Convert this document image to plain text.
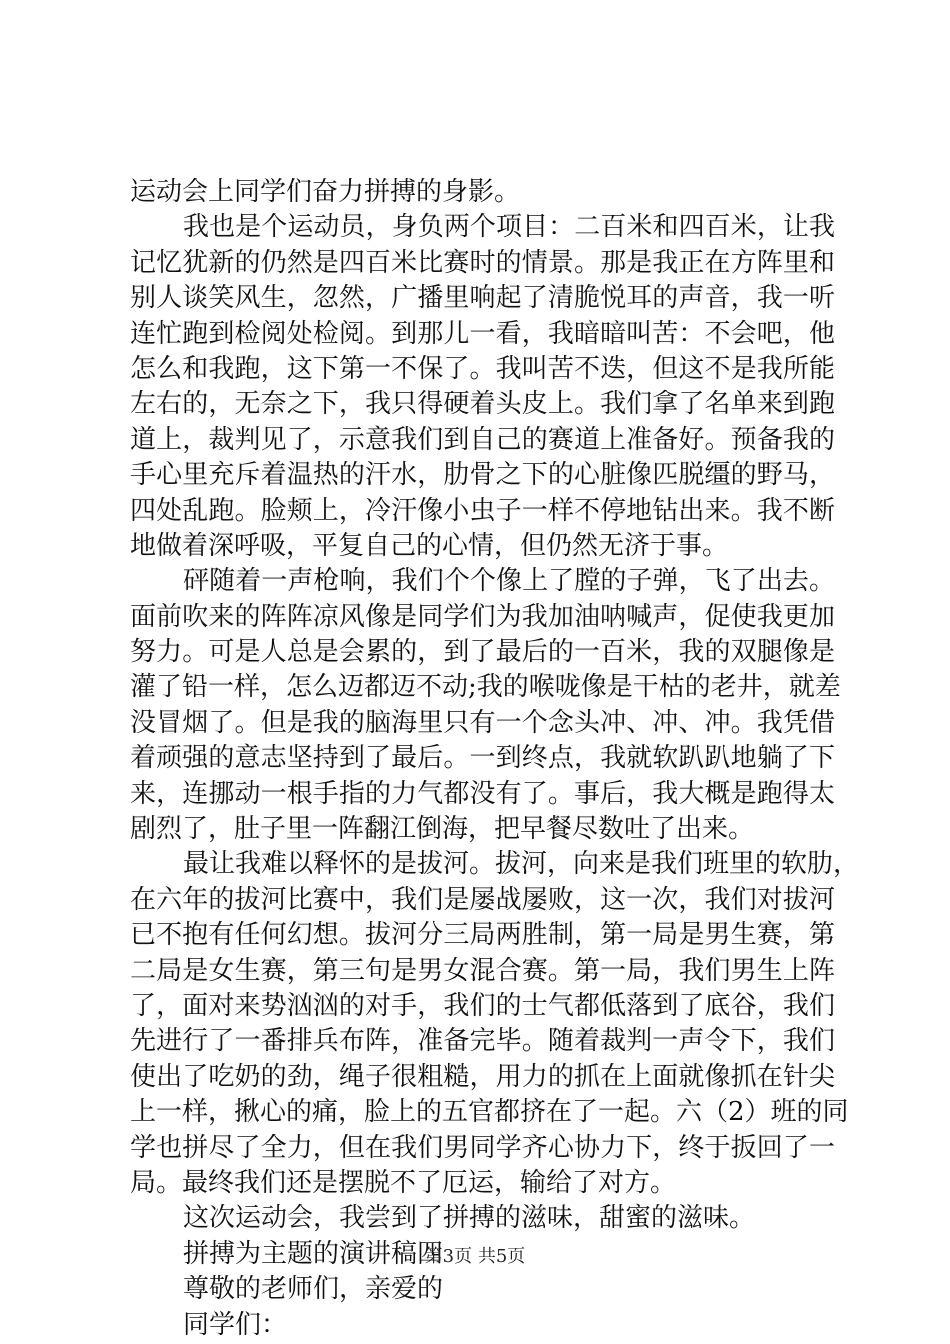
运动会上同学们奋力拼搏的身影。
我也是个运动员，身负两个项目：二百米和四百米，让我
记忆犹新的仍然是四百米比赛时的情景。那是我正在方阵里和
别人谈笑风生，忽然，广播里响起了清脆悦耳的声音，我一听
连忙跑到检阅处检阅。到那儿一看，我暗暗叫苦：不会吧，他
怎么和我跑，这下第一不保了。我叫苦不迭，但这不是我所能
左右的，无奈之下，我只得硬着头皮上。我们拿了名单来到跑
道上，裁判见了，示意我们到自己的赛道上准备好。预备我的
手心里充斥着温热的汗水，肋骨之下的心脏像匹脱缰的野马，
四处乱跑。脸颊上，冷汗像小虫子一样不停地钻出来。我不断
地做着深呼吸，平复自己的心情，但仍然无济于事。
砰随着一声枪响，我们个个像上了膛的子弹，飞了出去。
面前吹来的阵阵凉风像是同学们为我加油呐喊声，促使我更加
努力。可是人总是会累的，到了最后的一百米，我的双腿像是
灌了铅一样，怎么迈都迈不动;我的喉咙像是干枯的老井，就差
没冒烟了。但是我的脑海里只有一个念头冲、冲、冲。我凭借
着顽强的意志坚持到了最后。一到终点，我就软趴趴地躺了下
来，连挪动一根手指的力气都没有了。事后，我大概是跑得太
剧烈了，肚子里一阵翻江倒海，把早餐尽数吐了出来。
最让我难以释怀的是拔河。拔河，向来是我们班里的软肋，
在六年的拔河比赛中，我们是屡战屡败，这一次，我们对拔河
已不抱有任何幻想。拔河分三局两胜制，第一局是男生赛，第
二局是女生赛，第三句是男女混合赛。第一局，我们男生上阵
了，面对来势汹汹的对手，我们的士气都低落到了底谷，我们
先进行了一番排兵布阵，准备完毕。随着裁判一声令下，我们
使出了吃奶的劲，绳子很粗糙，用力的抓在上面就像抓在针尖
上一样，揪心的痛，脸上的五官都挤在了一起。六（2）班的同
学也拼尽了全力，但在我们男同学齐心协力下，终于扳回了一
局。最终我们还是摆脱不了厄运，输给了对方。
这次运动会，我尝到了拼搏的滋味，甜蜜的滋味。
拼搏为主题的演讲稿四
尊敬的老师们，亲爱的
同学们：
第3页 共5页
